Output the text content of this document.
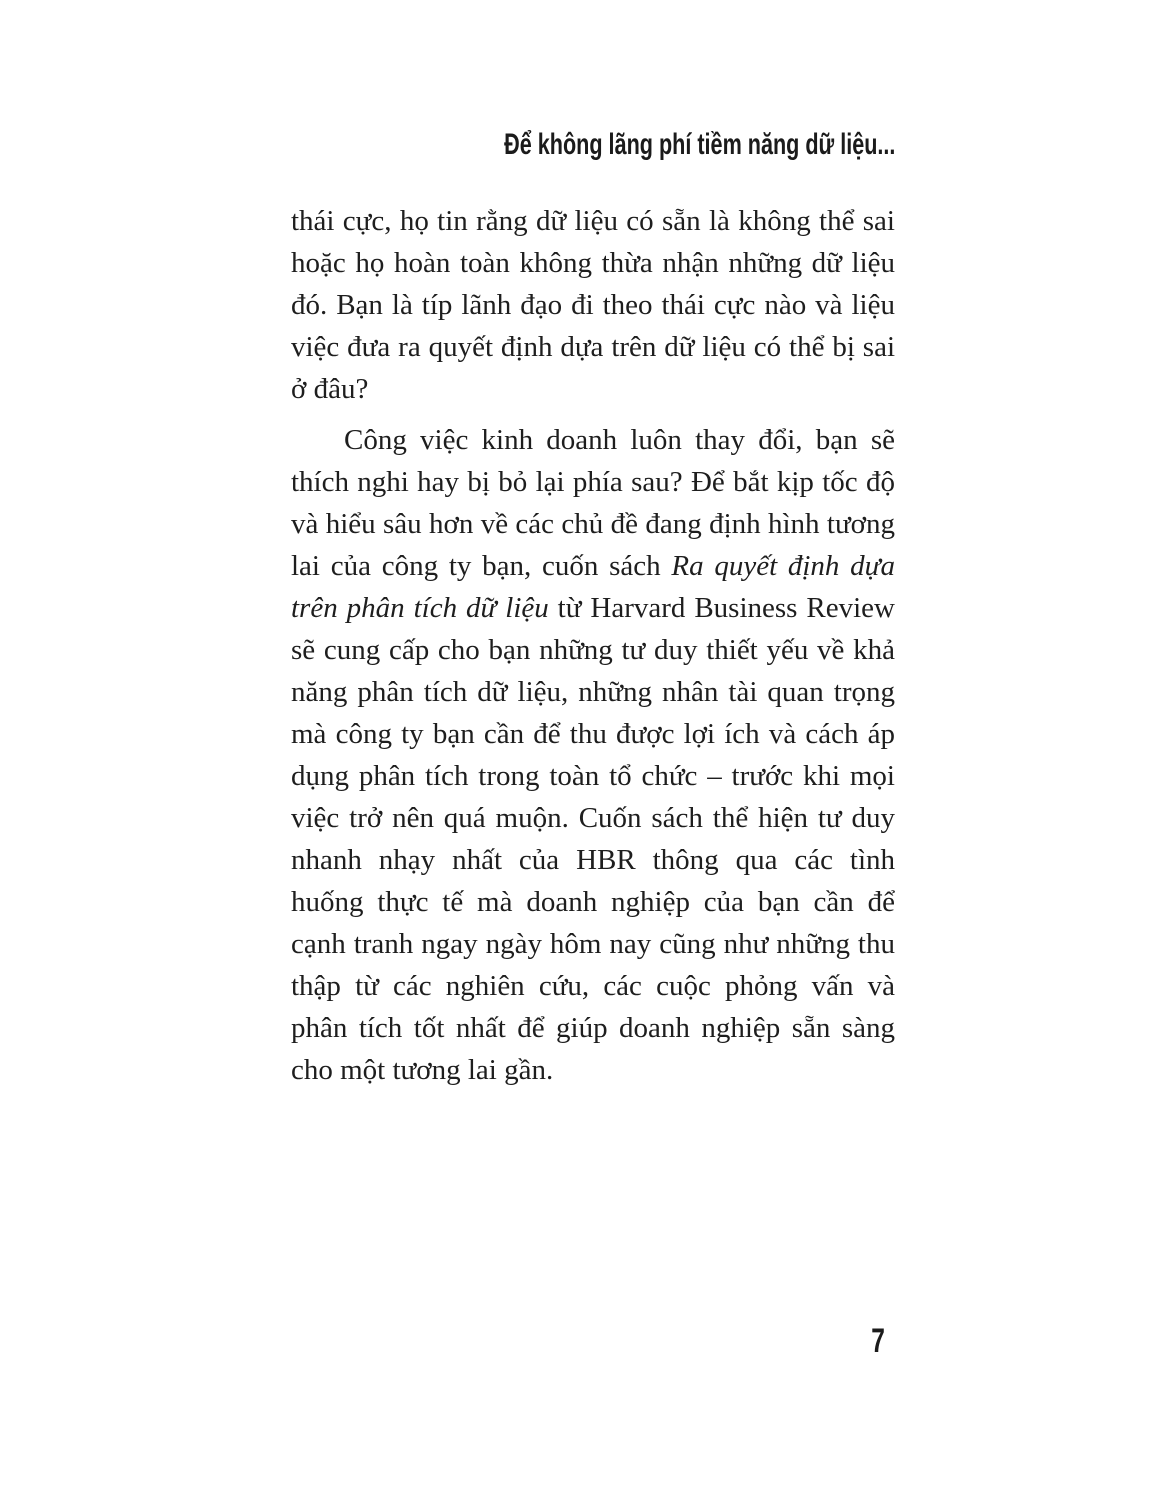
Để không lãng phí tiềm năng dữ liệu...

thái cực, họ tin rằng dữ liệu có sẵn là không thể sai hoặc họ hoàn toàn không thừa nhận những dữ liệu đó. Bạn là típ lãnh đạo đi theo thái cực nào và liệu việc đưa ra quyết định dựa trên dữ liệu có thể bị sai ở đâu?

Công việc kinh doanh luôn thay đổi, bạn sẽ thích nghi hay bị bỏ lại phía sau? Để bắt kịp tốc độ và hiểu sâu hơn về các chủ đề đang định hình tương lai của công ty bạn, cuốn sách Ra quyết định dựa trên phân tích dữ liệu từ Harvard Business Review sẽ cung cấp cho bạn những tư duy thiết yếu về khả năng phân tích dữ liệu, những nhân tài quan trọng mà công ty bạn cần để thu được lợi ích và cách áp dụng phân tích trong toàn tổ chức – trước khi mọi việc trở nên quá muộn. Cuốn sách thể hiện tư duy nhanh nhạy nhất của HBR thông qua các tình huống thực tế mà doanh nghiệp của bạn cần để cạnh tranh ngay ngày hôm nay cũng như những thu thập từ các nghiên cứu, các cuộc phỏng vấn và phân tích tốt nhất để giúp doanh nghiệp sẵn sàng cho một tương lai gần.

7
